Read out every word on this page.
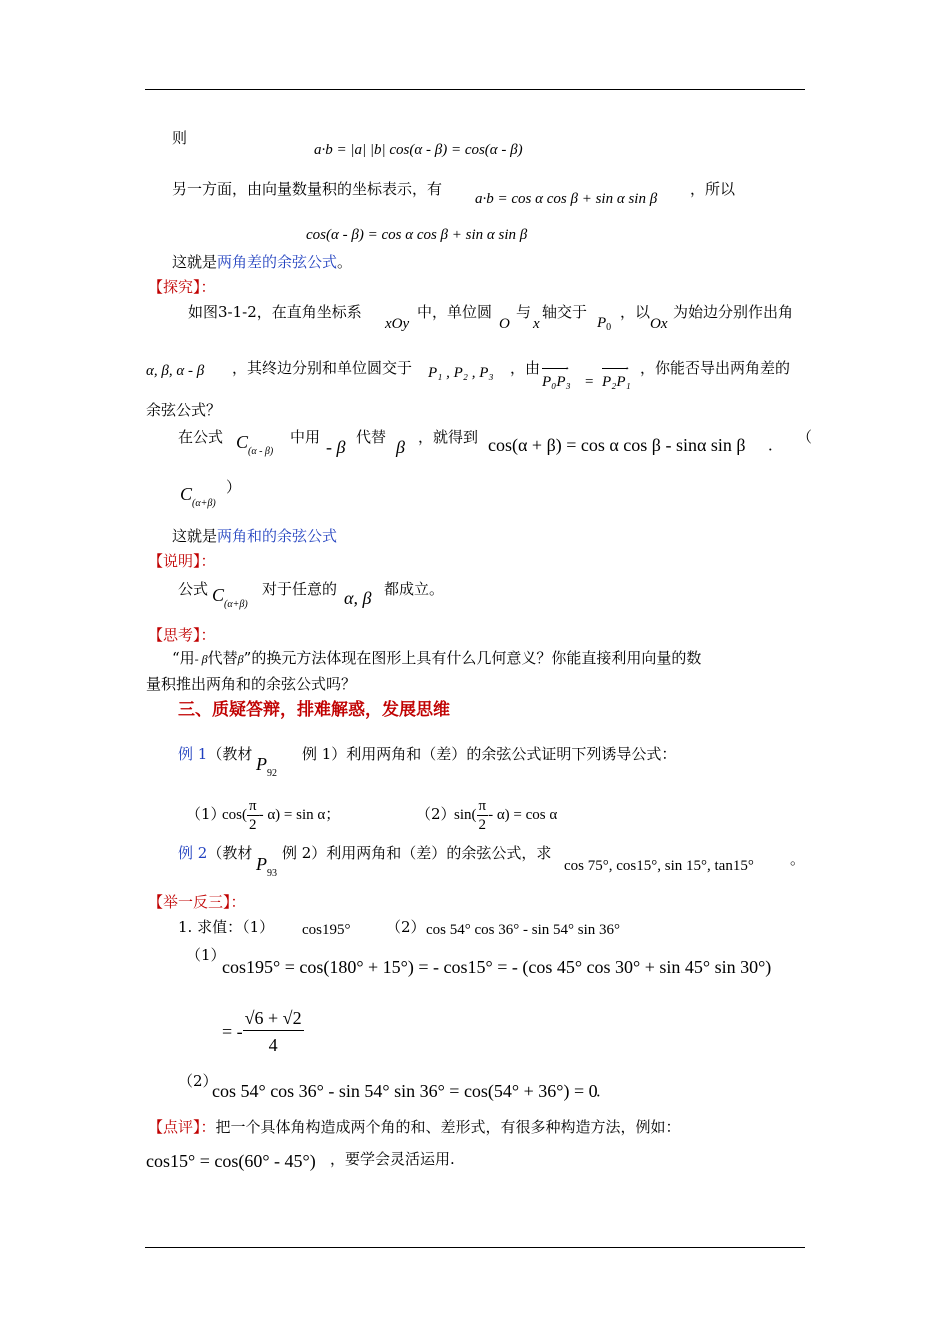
则
a·b = |a| |b| cos(α - β) = cos(α - β)
另一方面，由向量数量积的坐标表示，有
a·b = cos α cos β + sin α sin β
，所以
cos(α - β) = cos α cos β + sin α sin β
这就是两角差的余弦公式。
【探究】：
如图3-1-2，在直角坐标系
xOy
中，单位圆
O
与
x
轴交于
$P_0$
，以
Ox
为始边分别作出角
α, β, α - β ，其终边分别和单位圆交于 P₁ , P₂ , P₃ ，由
→ P₀P₃ =
→ P₂P₁
，你能否导出两角差的
余弦公式？
在公式 $C_{(\alpha - \beta)}$
中用 - β 代替 β ，就得到 cos(α + β) = cos α cos β - sinα sin β ． （
$C_{(\alpha+\beta)}$
）
这就是两角和的余弦公式
【说明】：
公式 $C_{(\alpha+\beta)}$
对于任意的 α, β 都成立。
【思考】：
“用- β代替β”的换元方法体现在图形上具有什么几何意义？你能直接利用向量的数
量积推出两角和的余弦公式吗？
三、质疑答辩，排难解惑，发展思维
例 1（教材 $P_{92}$
例 1）利用两角和（差）的余弦公式证明下列诱导公式：
（1）
$\cos( \frac{\pi}{2} - \alpha) = \sin \alpha$；	（2）
$\sin( \frac{\pi}{2} - \alpha) = \cos \alpha$
例 2（教材
$P_{93}$
例 2）利用两角和（差）的余弦公式，求
cos 75°, cos15°, sin 15°, tan15° 。
【举一反三】：
1. 求值：（1） cos195° （2） cos 54° cos 36° - sin 54° sin 36°
（1）
cos195° = cos(180° + 15°) = - cos15° = - (cos 45° cos 30° + sin 45° sin 30°)
= - $\frac{√6 + √2}{4}$
（2）
cos 54° cos 36° - sin 54° sin 36° = cos(54° + 36°) = 0
．
【点评】：把一个具体角构造成两个角的和、差形式，有很多种构造方法，例如：
cos15° = cos(60° - 45°) ，要学会灵活运用.
